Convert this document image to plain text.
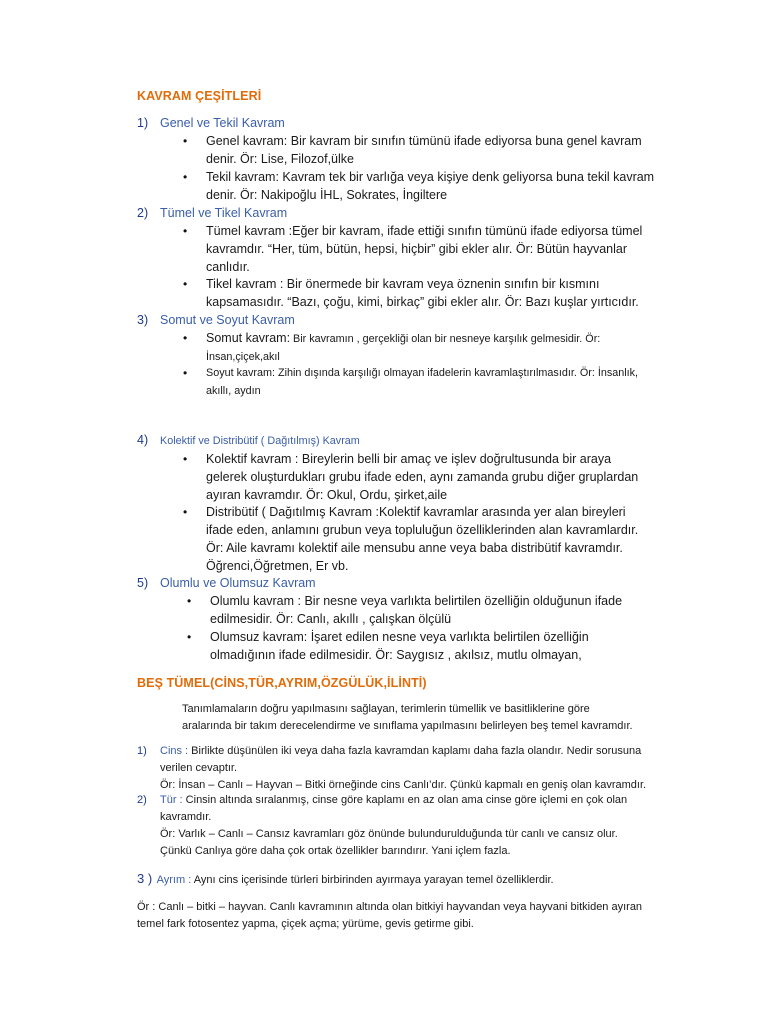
KAVRAM ÇEŞİTLERİ
1) Genel ve Tekil Kavram
• Genel kavram: Bir kavram bir sınıfın tümünü ifade ediyorsa buna genel kavram
denir. Ör: Lise, Filozof,ülke
• Tekil kavram: Kavram tek bir varlığa veya kişiye denk geliyorsa buna tekil kavram
denir. Ör: Nakipoğlu İHL, Sokrates, İngiltere
2) Tümel ve Tikel Kavram
• Tümel kavram :Eğer bir kavram, ifade ettiği sınıfın tümünü ifade ediyorsa tümel
kavramdır. “Her, tüm, bütün, hepsi, hiçbir” gibi ekler alır. Ör: Bütün hayvanlar
canlıdır.
• Tikel kavram : Bir önermede bir kavram veya öznenin sınıfın bir kısmını
kapsamasıdır. “Bazı, çoğu, kimi, birkaç” gibi ekler alır. Ör: Bazı kuşlar yırtıcıdır.
3) Somut ve Soyut Kavram
• Somut kavram: Bir kavramın , gerçekliği olan bir nesneye karşılık gelmesidir. Ör:
İnsan,çiçek,akıl
• Soyut kavram: Zihin dışında karşılığı olmayan ifadelerin kavramlaştırılmasıdır. Ör: İnsanlık,
akıllı, aydın
4) Kolektif ve Distribütif ( Dağıtılmış) Kavram
• Kolektif kavram : Bireylerin belli bir amaç ve işlev doğrultusunda bir araya
gelerek oluşturdukları grubu ifade eden, aynı zamanda grubu diğer gruplardan
ayıran kavramdır. Ör: Okul, Ordu, şirket,aile
• Distribütif ( Dağıtılmış Kavram :Kolektif kavramlar arasında yer alan bireyleri
ifade eden, anlamını grubun veya topluluğun özelliklerinden alan kavramlardır.
Ör: Aile kavramı kolektif aile mensubu anne veya baba distribütif kavramdır.
Öğrenci,Öğretmen, Er vb.
5) Olumlu ve Olumsuz Kavram
• Olumlu kavram : Bir nesne veya varlıkta belirtilen özelliğin olduğunun ifade
edilmesidir. Ör: Canlı, akıllı , çalışkan ölçülü
• Olumsuz kavram: İşaret edilen nesne veya varlıkta belirtilen özelliğin
olmadığının ifade edilmesidir. Ör: Saygısız , akılsız, mutlu olmayan,
BEŞ TÜMEL(CİNS,TÜR,AYRIM,ÖZGÜLÜK,İLİNTİ)
Tanımlamaların doğru yapılmasını sağlayan, terimlerin tümellik ve basitliklerine göre
aralarında bir takım derecelendirme ve sınıflama yapılmasını belirleyen beş temel kavramdır.
1) Cins : Birlikte düşünülen iki veya daha fazla kavramdan kaplamı daha fazla olandır. Nedir sorusuna
verilen cevaptır.
Ör: İnsan – Canlı – Hayvan – Bitki örneğinde cins Canlı’dır. Çünkü kapmalı en geniş olan kavramdır.
2) Tür : Cinsin altında sıralanmış, cinse göre kaplamı en az olan ama cinse göre içlemi en çok olan
kavramdır.
Ör: Varlık – Canlı – Cansız kavramları göz önünde bulundurulduğunda tür canlı ve cansız olur.
Çünkü Canlıya göre daha çok ortak özellikler barındırır. Yani içlem fazla.
3 ) Ayrım : Aynı cins içerisinde türleri birbirinden ayırmaya yarayan temel özelliklerdir.
Ör : Canlı – bitki – hayvan. Canlı kavramının altında olan bitkiyi hayvandan veya hayvani bitkiden ayıran
temel fark fotosentez yapma, çiçek açma; yürüme, gevis getirme gibi.
